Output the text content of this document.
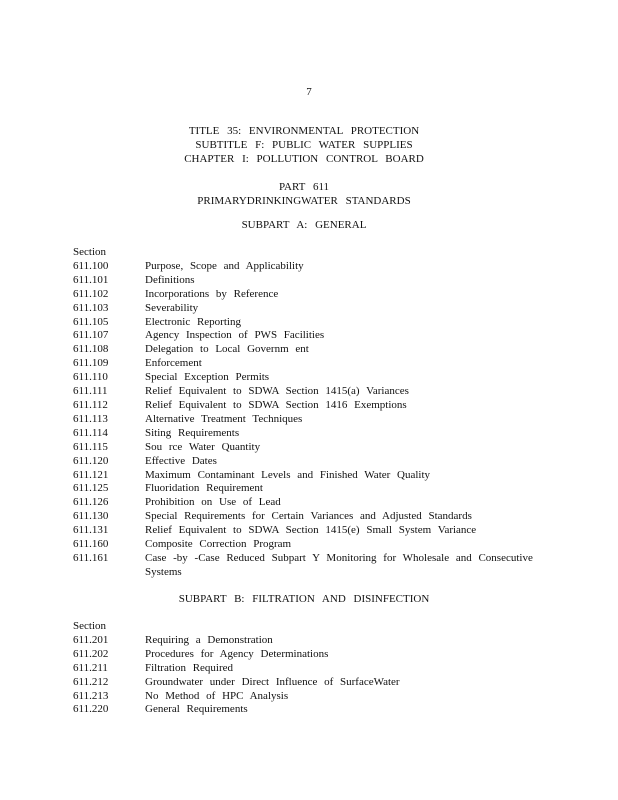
7
TITLE 35: ENVIRONMENTAL PROTECTION
SUBTITLE F: PUBLIC WATER SUPPLIES
CHAPTER I: POLLUTION CONTROL BOARD
PART 611
PRIMARYDRINKINGWATER STANDARDS
SUBPART A: GENERAL
Section
611.100	Purpose, Scope and Applicability
611.101	Definitions
611.102	Incorporations by Reference
611.103	Severability
611.105	Electronic Reporting
611.107	Agency Inspection of PWS Facilities
611.108	Delegation to Local Governm ent
611.109	Enforcement
611.110	Special Exception Permits
611.111	Relief Equivalent to SDWA Section 1415(a) Variances
611.112	Relief Equivalent to SDWA Section 1416 Exemptions
611.113	Alternative Treatment Techniques
611.114	Siting Requirements
611.115	Sou rce Water Quantity
611.120	Effective Dates
611.121	Maximum Contaminant Levels and Finished Water Quality
611.125	Fluoridation Requirement
611.126	Prohibition on Use of Lead
611.130	Special Requirements for Certain Variances and Adjusted Standards
611.131	Relief Equivalent to SDWA Section 1415(e) Small System Variance
611.160	Composite Correction Program
611.161	Case -by -Case Reduced Subpart Y Monitoring for Wholesale and Consecutive Systems
SUBPART B: FILTRATION AND DISINFECTION
Section
611.201	Requiring a Demonstration
611.202	Procedures for Agency Determinations
611.211	Filtration Required
611.212	Groundwater under Direct Influence of SurfaceWater
611.213	No Method of HPC Analysis
611.220	General Requirements
